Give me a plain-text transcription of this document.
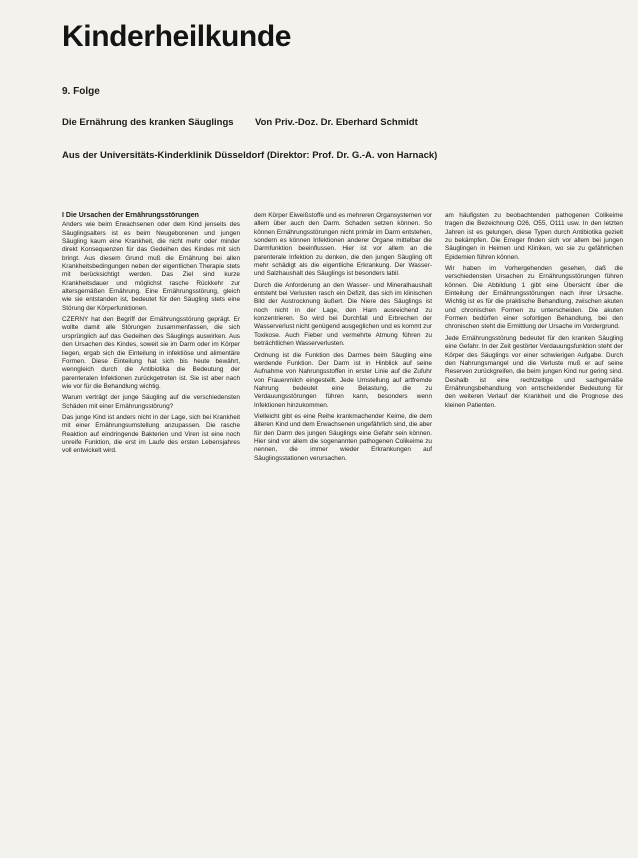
Kinderheilkunde
9. Folge
Die Ernährung des kranken Säuglings Von Priv.-Doz. Dr. Eberhard Schmidt
Aus der Universitäts-Kinderklinik Düsseldorf (Direktor: Prof. Dr. G.-A. von Harnack)
I Die Ursachen der Ernährungsstörungen

Anders wie beim Erwachsenen oder dem Kind jenseits des Säuglingsalters ist es beim Neugeborenen und jungen Säugling kaum eine Krankheit, die nicht mehr oder minder direkt Konsequenzen für das Gedeihen des Kindes mit sich bringt. Aus diesem Grund muß die Ernährung bei allen Krankheitsbedingungen neben der eigentlichen Therapie stets mit berücksichtigt werden. Das Ziel sind kurze Krankheitsdauer und möglichst rasche Rückkehr zur altersgemäßen Ernährung. Eine Ernährungsstörung, gleich wie sie entstanden ist, bedeutet für den Säugling stets eine Störung der Körperfunktionen.

CZERNY hat den Begriff der Ernährungsstörung geprägt. Er wollte damit alle Störungen zusammenfassen, die sich ursprünglich auf das Gedeihen des Säuglings auswirken. Aus den Ursachen des Kindes, soweit sie im Darm oder im Körper liegen, ergab sich die Einteilung in infektiöse und alimentäre Formen. Diese Einteilung hat sich bis heute bewährt, wenngleich durch die Antibiotika die Bedeutung der parenteralen Infektionen zurückgetreten ist. Sie ist aber nach wie vor für die Behandlung wichtig.

Warum verträgt der junge Säugling auf die verschiedensten Schäden mit einer Ernährungsstörung?

Das junge Kind ist anders nicht in der Lage, sich bei Krankheit mit einer Ernährungsumstellung anzupassen. Die rasche Reaktion auf eindringende Bakterien und Viren ist eine noch unreife Funktion, die erst im Laufe des ersten Lebensjahres voll entwickelt wird.

dem Körper Eiweißstoffe und es mehreren Organsystemen vor allem über auch den Darm. Schaden setzen können. So können Ernährungsstörungen nicht primär im Darm entstehen, sondern es können Infektionen anderer Organe mittelbar die Darmfunktion beeinflussen. Hier ist vor allem an die parenterale Infektion zu denken, die den jungen Säugling oft mehr schädigt als die eigentliche Erkrankung. Der Wasser- und Salzhaushalt des Säuglings ist besonders labil.

Durch die Anforderung an den Wasser- und Mineralhaushalt entsteht bei Verlusten rasch ein Defizit, das sich im klinischen Bild der Austrocknung äußert. Die Niere des Säuglings ist noch nicht in der Lage, den Harn ausreichend zu konzentrieren. So wird bei Durchfall und Erbrechen der Wasserverlust nicht genügend ausgeglichen und es kommt zur Toxikose. Auch Fieber und vermehrte Atmung führen zu beträchtlichen Wasserverlusten.

Ordnung ist die Funktion des Darmes beim Säugling eine werdende Funktion. Der Darm ist in Hinblick auf seine Aufnahme von Nahrungsstoffen in erster Linie auf die Zufuhr von Frauenmilch eingestellt. Jede Umstellung auf artfremde Nahrung bedeutet eine Belastung, die zu Verdauungsstörungen führen kann, besonders wenn Infektionen hinzukommen.

Vielleicht gibt es eine Reihe krankmachender Keime, die dem älteren Kind und dem Erwachsenen ungefährlich sind, die aber für den Darm des jungen Säuglings eine Gefahr sein können. Hier sind vor allem die sogenannten pathogenen Colikeime zu nennen, die immer wieder Erkrankungen auf Säuglingsstationen verursachen.

am häufigsten zu beobachtenden pathogenen Colikeime tragen die Bezeichnung O26, O55, O111 usw. In den letzten Jahren ist es gelungen, diese Typen durch Antibiotika gezielt zu bekämpfen. Die Erreger finden sich vor allem bei jungen Säuglingen in Heimen und Kliniken, wo sie zu gefährlichen Epidemien führen können.

Wir haben im Vorhergehenden gesehen, daß die verschiedensten Ursachen zu Ernährungsstörungen führen können. Die Abbildung 1 gibt eine Übersicht über die Einteilung der Ernährungsstörungen nach ihrer Ursache. Wichtig ist es für die praktische Behandlung, zwischen akuten und chronischen Formen zu unterscheiden. Die akuten Formen bedürfen einer sofortigen Behandlung, bei den chronischen steht die Ermittlung der Ursache im Vordergrund.

Jede Ernährungsstörung bedeutet für den kranken Säugling eine Gefahr. In der Zeit gestörter Verdauungsfunktion steht der Körper des Säuglings vor einer schwierigen Aufgabe. Durch den Nahrungsmangel und die Verluste muß er auf seine Reserven zurückgreifen, die beim jungen Kind nur gering sind. Deshalb ist eine rechtzeitige und sachgemäße Ernährungsbehandlung von entscheidender Bedeutung für den weiteren Verlauf der Krankheit und die Prognose des kleinen Patienten.
